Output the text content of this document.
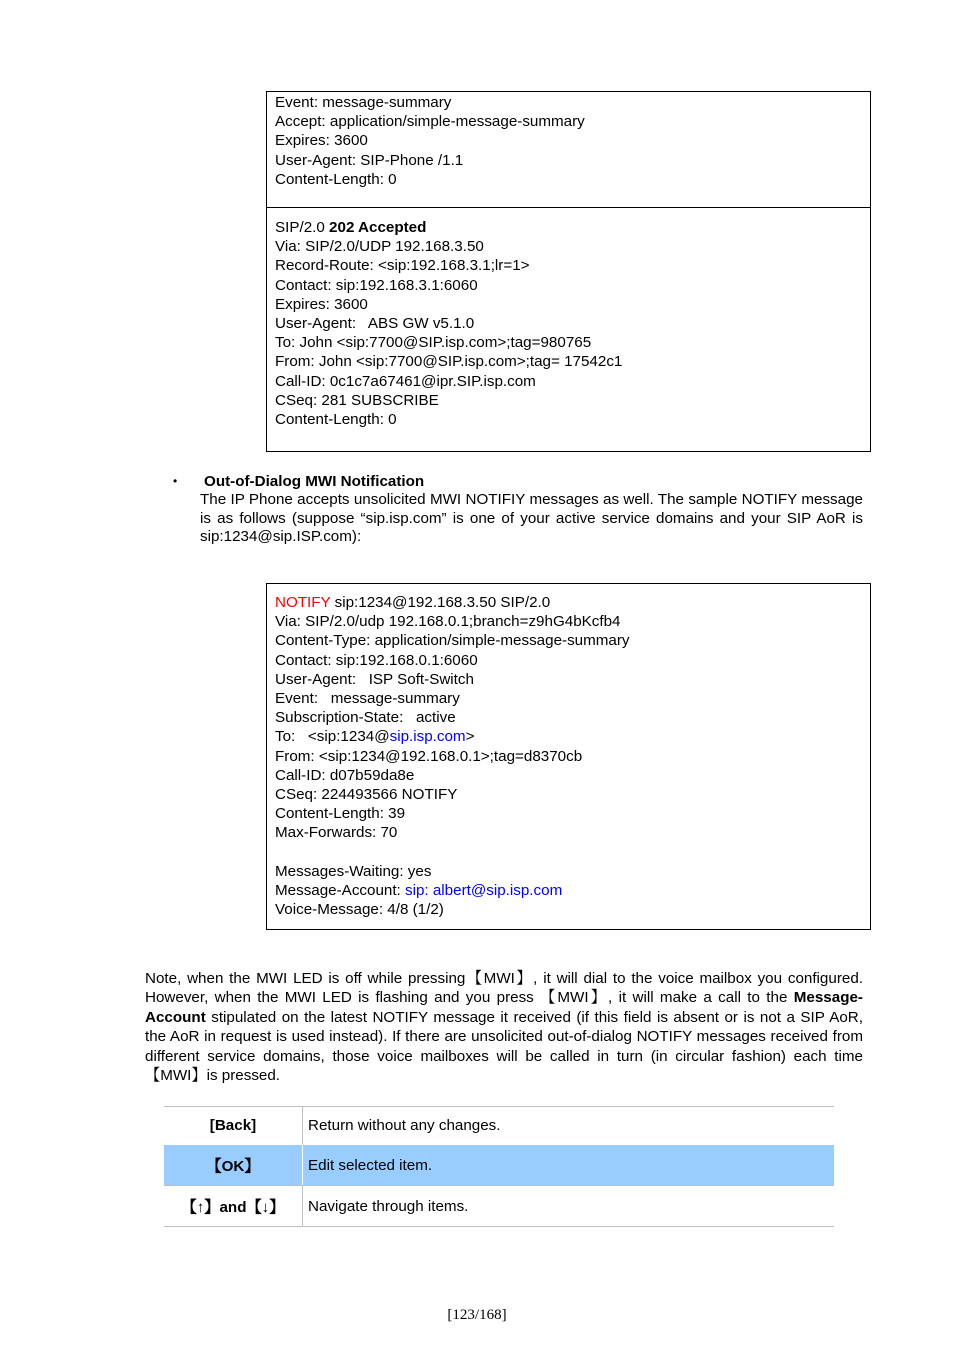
Event: message-summary
Accept: application/simple-message-summary
Expires: 3600
User-Agent: SIP-Phone /1.1
Content-Length: 0
SIP/2.0 202 Accepted
Via: SIP/2.0/UDP 192.168.3.50
Record-Route: <sip:192.168.3.1;lr=1>
Contact: sip:192.168.3.1:6060
Expires: 3600
User-Agent:   ABS GW v5.1.0
To: John <sip:7700@SIP.isp.com>;tag=980765
From: John <sip:7700@SIP.isp.com>;tag= 17542c1
Call-ID: 0c1c7a67461@ipr.SIP.isp.com
CSeq: 281 SUBSCRIBE
Content-Length: 0
•	Out-of-Dialog MWI Notification
The IP Phone accepts unsolicited MWI NOTIFIY messages as well. The sample NOTIFY message is as follows (suppose “sip.isp.com” is one of your active service domains and your SIP AoR is sip:1234@sip.ISP.com):
NOTIFY sip:1234@192.168.3.50 SIP/2.0
Via: SIP/2.0/udp 192.168.0.1;branch=z9hG4bKcfb4
Content-Type: application/simple-message-summary
Contact: sip:192.168.0.1:6060
User-Agent:   ISP Soft-Switch
Event:   message-summary
Subscription-State:   active
To:   <sip:1234@sip.isp.com>
From: <sip:1234@192.168.0.1>;tag=d8370cb
Call-ID: d07b59da8e
CSeq: 224493566 NOTIFY
Content-Length: 39
Max-Forwards: 70
Messages-Waiting: yes
Message-Account: sip: albert@sip.isp.com
Voice-Message: 4/8 (1/2)
Note, when the MWI LED is off while pressing【MWI】, it will dial to the voice mailbox you configured. However, when the MWI LED is flashing and you press 【MWI】, it will make a call to the Message-Account stipulated on the latest NOTIFY message it received (if this field is absent or is not a SIP AoR, the AoR in request is used instead). If there are unsolicited out-of-dialog NOTIFY messages received from different service domains, those voice mailboxes will be called in turn (in circular fashion) each time 【MWI】is pressed.
[Back]	Return without any changes.
【OK】	Edit selected item.
【↑】and【↓】	Navigate through items.
[123/168]
